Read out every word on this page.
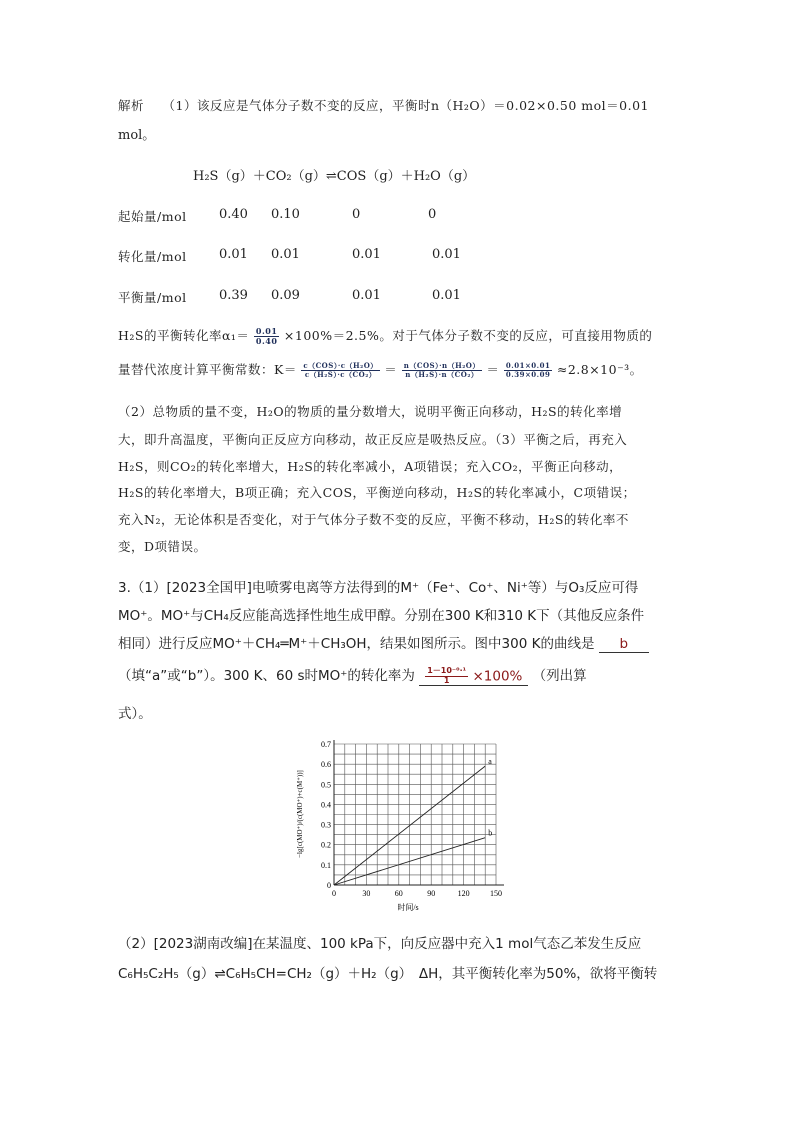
解析 （1）该反应是气体分子数不变的反应，平衡时n（H₂O）＝0.02×0.50 mol＝0.01
mol。
H₂S（g）＋CO₂（g）⇌COS（g）＋H₂O（g）
起始量/mol 0.40 0.10	0	0
转化量/mol 0.01 0.01	0.01	0.01
平衡量/mol 0.39 0.09	0.01	0.01
H₂S的平衡转化率$\alpha_1= \frac{0.01}{0.40} \times 100\%=2.5\%$。对于气体分子数不变的反应，可直接用物质的
量替代浓度计算平衡常数：$K= \frac{\text{c（COS）·c（H₂O）}}{\text{c（H₂S）·c（CO₂）}} = \frac{\text{n（COS）·n（H₂O）}}{\text{n（H₂S）·n（CO₂）}} = \frac{0.01\times 0.01}{0.39\times 0.09} \approx 2.8\times 10^{-3}$。
（2）总物质的量不变，H₂O的物质的量分数增大，说明平衡正向移动，H₂S的转化率增
大，即升高温度，平衡向正反应方向移动，故正反应是吸热反应。（3）平衡之后，再充入
H₂S，则CO₂的转化率增大，H₂S的转化率减小，A项错误；充入CO₂，平衡正向移动，
H₂S的转化率增大，B项正确；充入COS，平衡逆向移动，H₂S的转化率减小，C项错误；
充入N₂，无论体积是否变化，对于气体分子数不变的反应，平衡不移动，H₂S的转化率不
变，D项错误。
3.（1）[2023全国甲]电喷雾电离等方法得到的M⁺（Fe⁺、Co⁺、Ni⁺等）与O₃反应可得
MO⁺。MO⁺与CH₄反应能高选择性地生成甲醇。分别在300 K和310 K下（其他反应条件
相同）进行反应MO⁺＋CH₄═M⁺＋CH₃OH，结果如图所示。图中300 K的曲线是 b
（填“a”或“b”）。300 K、60 s时MO⁺的转化率为 $\frac{\text{1－10⁻⁰·¹}}{1} \times 100\%$ （列出算
式）。
a
b
0	30	60	90	120	150
0
0.1
0.2
0.3
0.4
0.5
0.6
0.7
时间/s
−lg[c(MO⁺)/(c(MO⁺)+c(M⁺))]
（2）[2023湖南改编]在某温度、100 kPa下，向反应器中充入1 mol气态乙苯发生反应
C₆H₅C₂H₅（g）⇌C₆H₅CH=CH₂（g）＋H₂（g）　ΔH，其平衡转化率为50%，欲将平衡转
